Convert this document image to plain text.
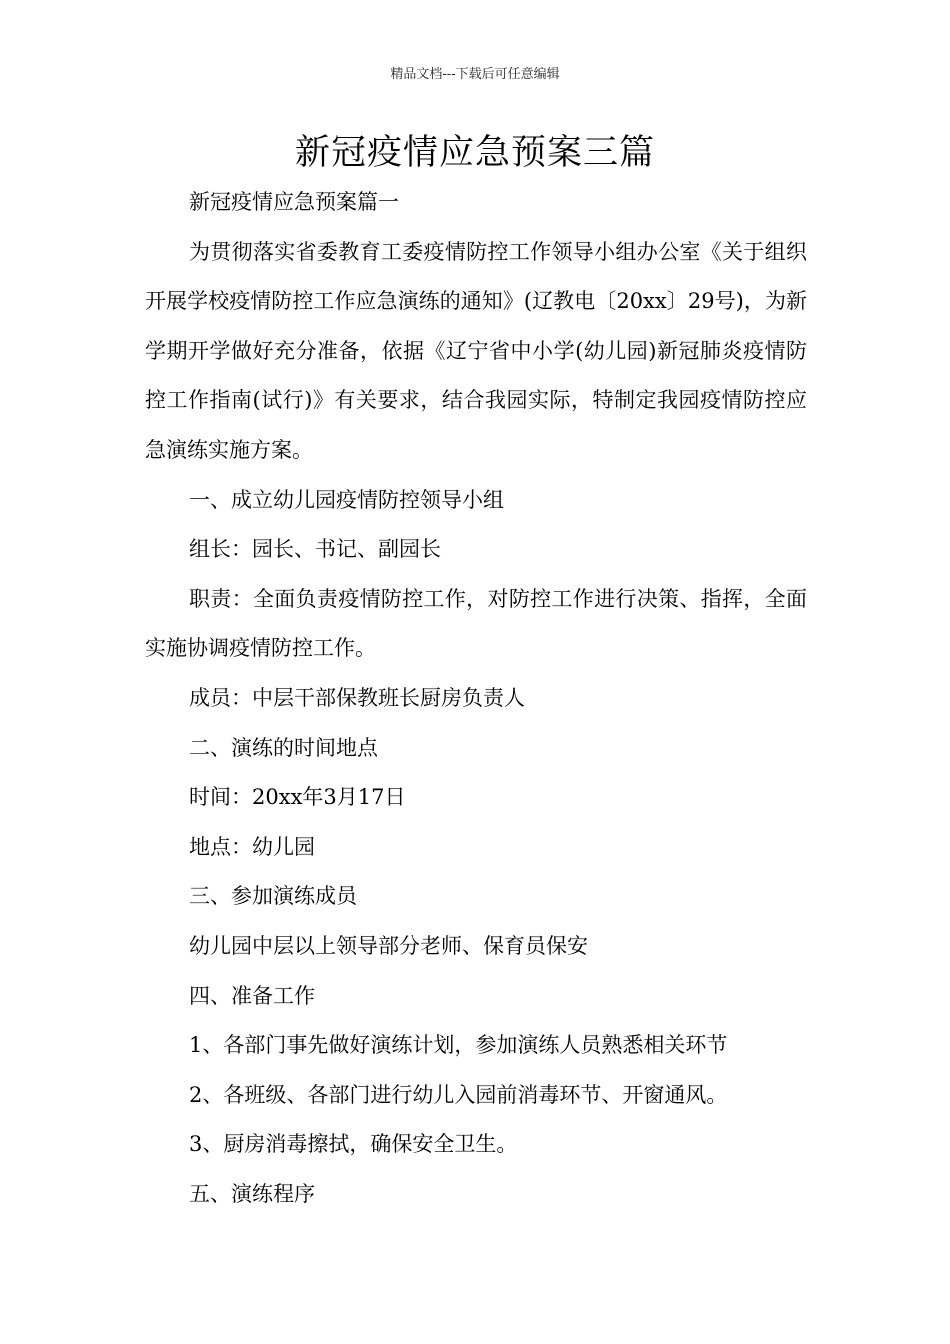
精品文档---下载后可任意编辑
新冠疫情应急预案三篇

新冠疫情应急预案篇一

为贯彻落实省委教育工委疫情防控工作领导小组办公室《关于组织开展学校疫情防控工作应急演练的通知》(辽教电〔20xx〕29号)，为新学期开学做好充分准备，依据《辽宁省中小学(幼儿园)新冠肺炎疫情防控工作指南(试行)》有关要求，结合我园实际，特制定我园疫情防控应急演练实施方案。

一、成立幼儿园疫情防控领导小组

组长：园长、书记、副园长

职责：全面负责疫情防控工作，对防控工作进行决策、指挥，全面实施协调疫情防控工作。

成员：中层干部保教班长厨房负责人

二、演练的时间地点

时间：20xx年3月17日

地点：幼儿园

三、参加演练成员

幼儿园中层以上领导部分老师、保育员保安

四、准备工作

1、各部门事先做好演练计划，参加演练人员熟悉相关环节

2、各班级、各部门进行幼儿入园前消毒环节、开窗通风。

3、厨房消毒擦拭，确保安全卫生。

五、演练程序
